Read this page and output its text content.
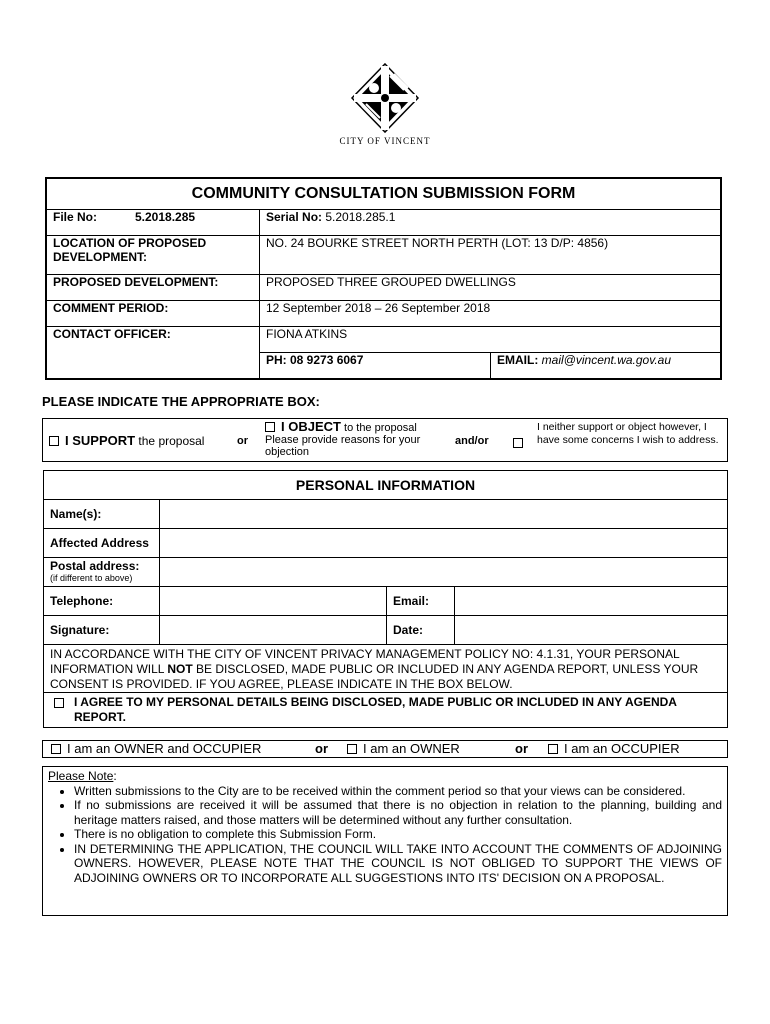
CITY OF VINCENT
COMMUNITY CONSULTATION SUBMISSION FORM		
File No: 5.2018.285	Serial No: 5.2018.285.1	
LOCATION OF PROPOSED DEVELOPMENT:	NO. 24 BOURKE STREET NORTH PERTH (LOT: 13 D/P: 4856)	
PROPOSED DEVELOPMENT:	PROPOSED THREE GROUPED DWELLINGS	
COMMENT PERIOD:	12 September 2018 – 26 September 2018	
CONTACT OFFICER:	FIONA ATKINS	
	PH: 08 9273 6067	EMAIL: mail@vincent.wa.gov.au
PLEASE INDICATE THE APPROPRIATE BOX:
I SUPPORT the proposal	or
I OBJECT to the proposal
Please provide reasons for your objection
and/or
I neither support or object however, I have some concerns I wish to address.
PERSONAL INFORMATION			
Name(s):			
Affected Address			
Postal address:
(if different to above)			
Telephone:		Email:	
Signature:		Date:	
IN ACCORDANCE WITH THE CITY OF VINCENT PRIVACY MANAGEMENT POLICY NO: 4.1.31, YOUR PERSONAL INFORMATION WILL NOT BE DISCLOSED, MADE PUBLIC OR INCLUDED IN ANY AGENDA REPORT, UNLESS YOUR CONSENT IS PROVIDED. IF YOU AGREE, PLEASE INDICATE IN THE BOX BELOW.			

I AGREE TO MY PERSONAL DETAILS BEING DISCLOSED, MADE PUBLIC OR INCLUDED IN ANY AGENDA REPORT.			
I am an OWNER and OCCUPIER	or	I am an OWNER	or	I am an OCCUPIER
Please Note:
• Written submissions to the City are to be received within the comment period so that your views can be considered.
• If no submissions are received it will be assumed that there is no objection in relation to the planning, building and heritage matters raised, and those matters will be determined without any further consultation.
• There is no obligation to complete this Submission Form.
• IN DETERMINING THE APPLICATION, THE COUNCIL WILL TAKE INTO ACCOUNT THE COMMENTS OF ADJOINING OWNERS. HOWEVER, PLEASE NOTE THAT THE COUNCIL IS NOT OBLIGED TO SUPPORT THE VIEWS OF ADJOINING OWNERS OR TO INCORPORATE ALL SUGGESTIONS INTO ITS' DECISION ON A PROPOSAL.
